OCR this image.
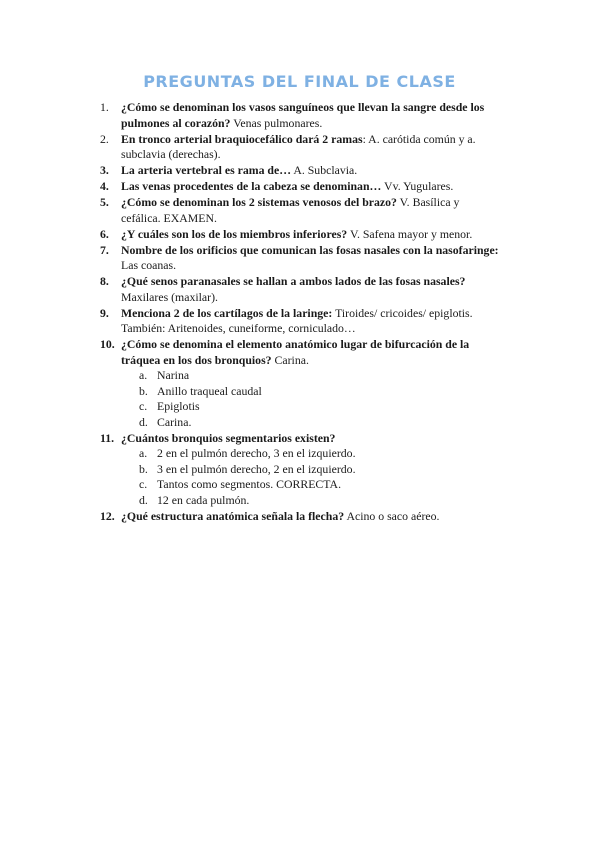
PREGUNTAS DEL FINAL DE CLASE
1. ¿Cómo se denominan los vasos sanguíneos que llevan la sangre desde los pulmones al corazón? Venas pulmonares.
2. En tronco arterial braquiocefálico dará 2 ramas: A. carótida común y a. subclavia (derechas).
3. La arteria vertebral es rama de… A. Subclavia.
4. Las venas procedentes de la cabeza se denominan… Vv. Yugulares.
5. ¿Cómo se denominan los 2 sistemas venosos del brazo? V. Basílica y cefálica. EXAMEN.
6. ¿Y cuáles son los de los miembros inferiores? V. Safena mayor y menor.
7. Nombre de los orificios que comunican las fosas nasales con la nasofaringe: Las coanas.
8. ¿Qué senos paranasales se hallan a ambos lados de las fosas nasales? Maxilares (maxilar).
9. Menciona 2 de los cartílagos de la laringe: Tiroides/ cricoides/ epiglotis. También: Aritenoides, cuneiforme, corniculado…
10. ¿Cómo se denomina el elemento anatómico lugar de bifurcación de la tráquea en los dos bronquios? Carina.
a. Narina
b. Anillo traqueal caudal
c. Epiglotis
d. Carina.
11. ¿Cuántos bronquios segmentarios existen?
a. 2 en el pulmón derecho, 3 en el izquierdo.
b. 3 en el pulmón derecho, 2 en el izquierdo.
c. Tantos como segmentos. CORRECTA.
d. 12 en cada pulmón.
12. ¿Qué estructura anatómica señala la flecha? Acino o saco aéreo.
